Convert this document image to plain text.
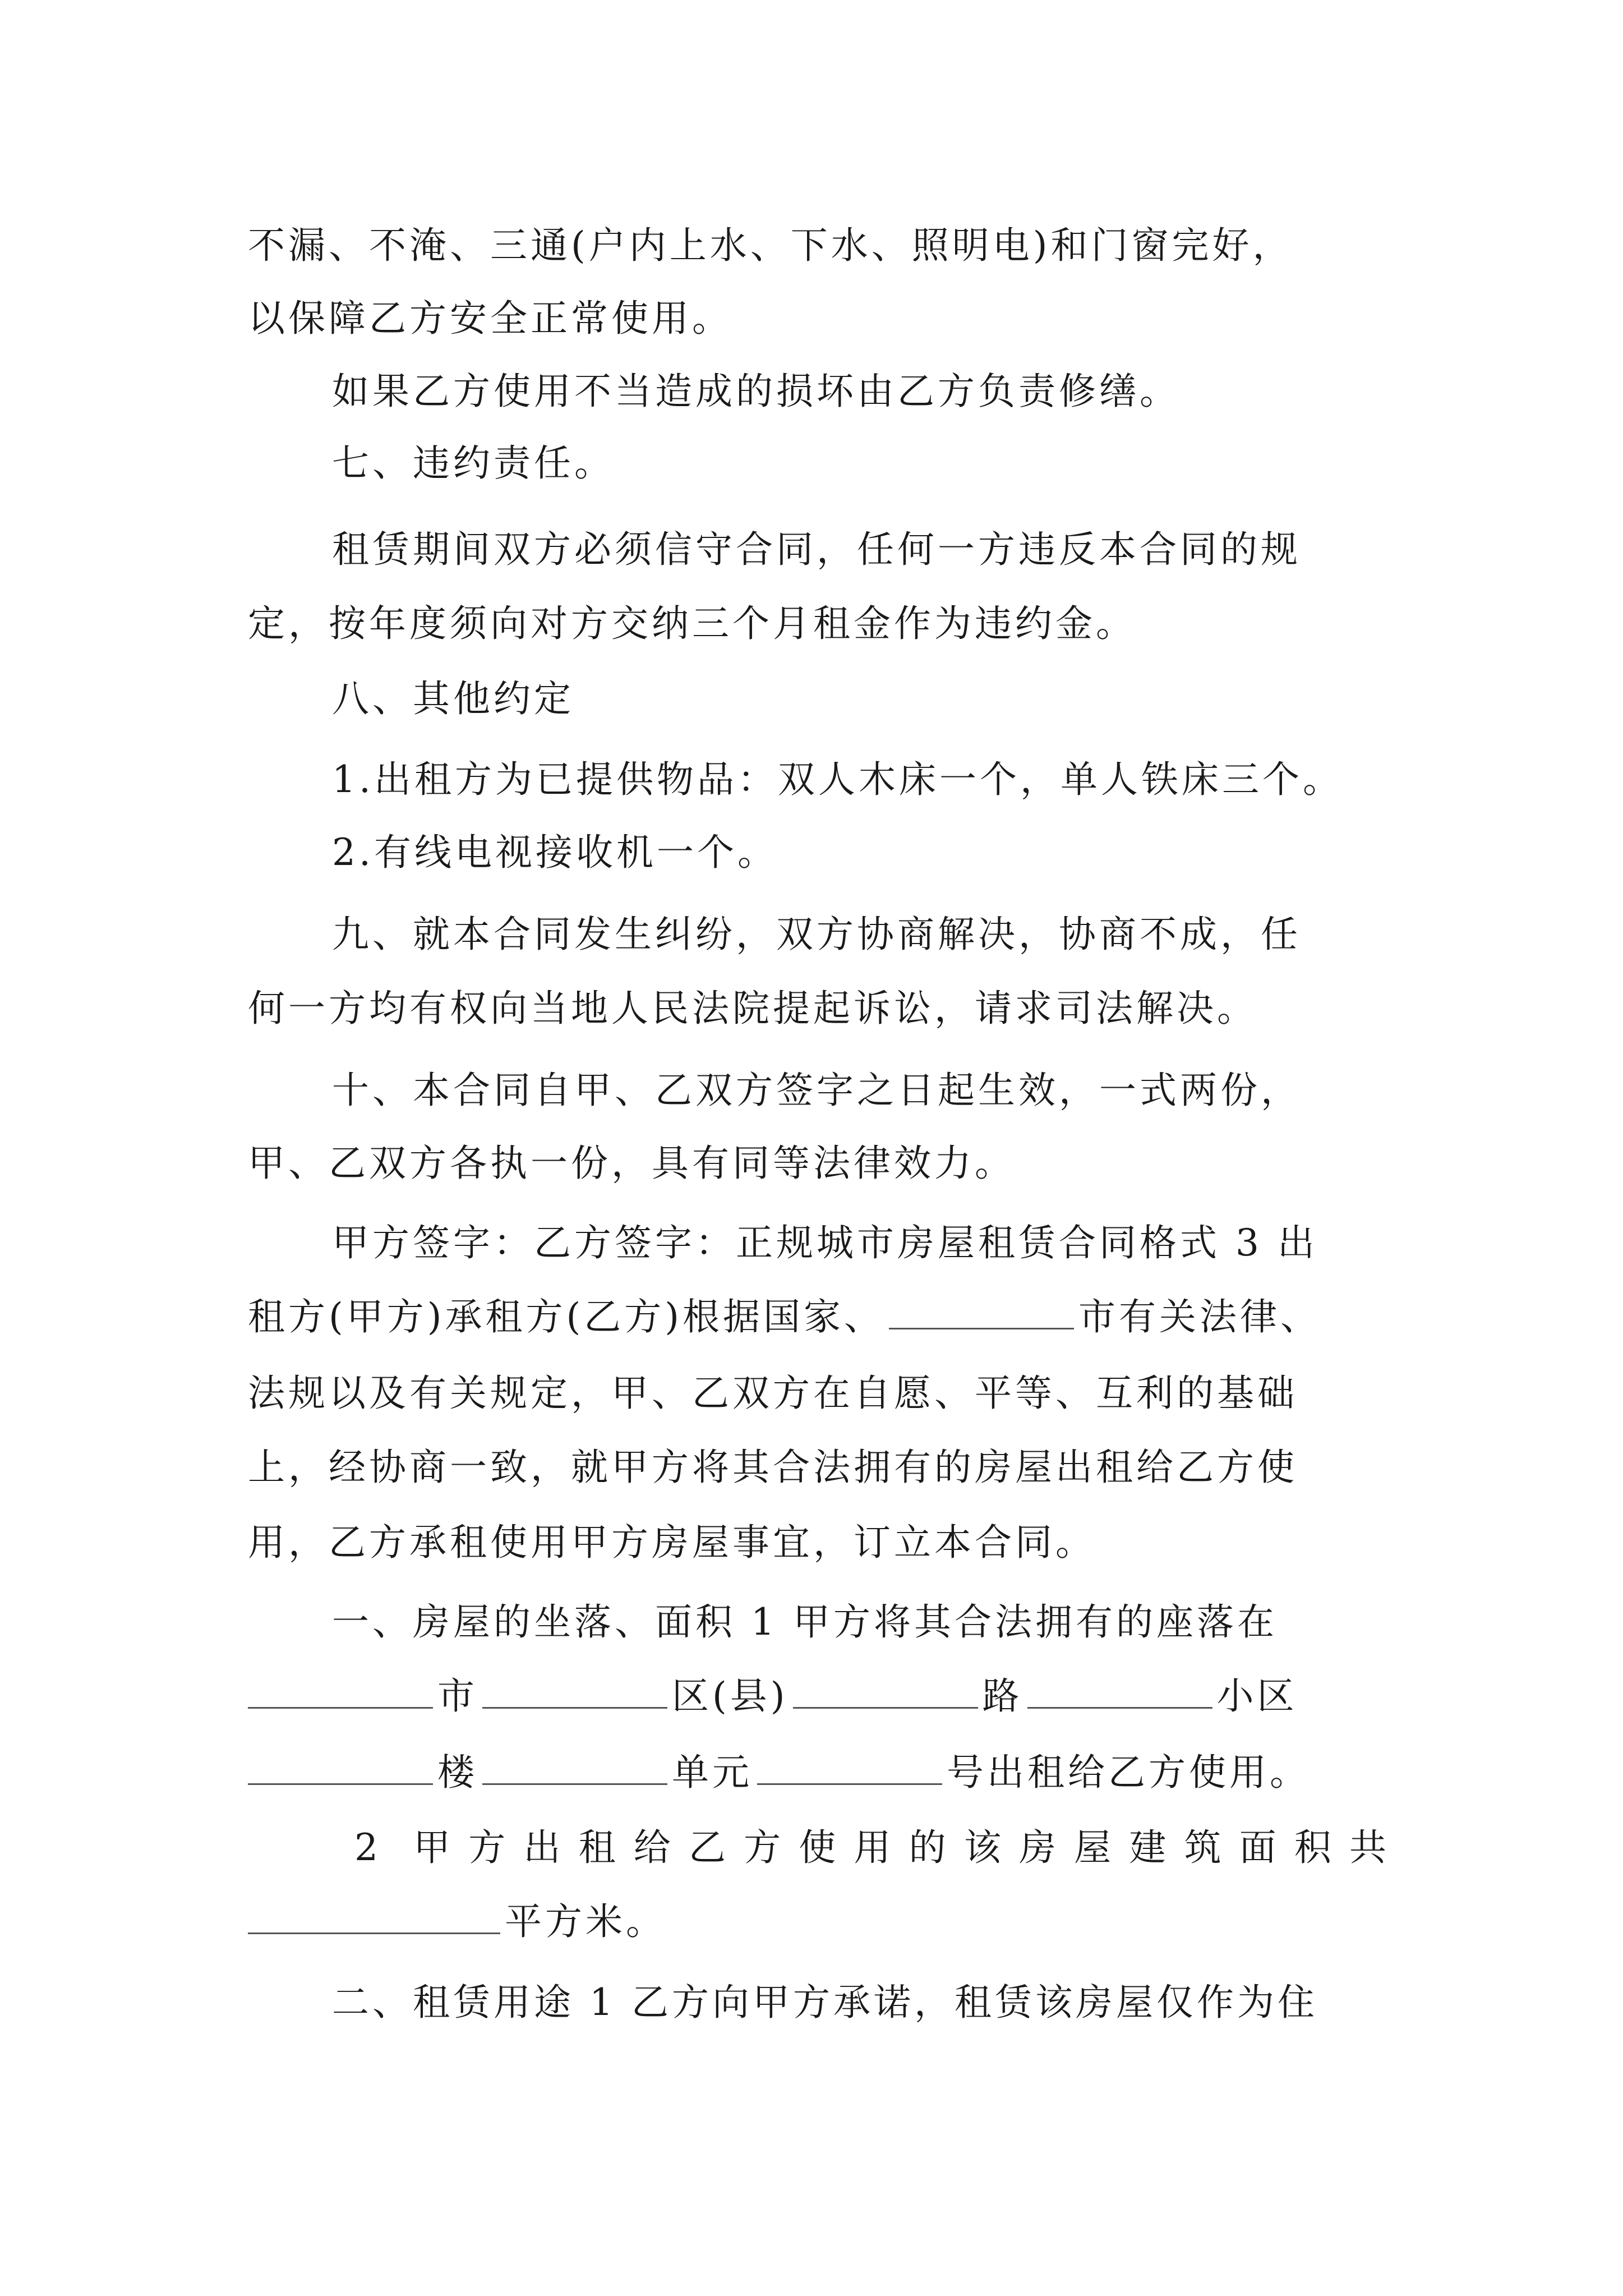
不漏、不淹、三通(户内上水、下水、照明电)和门窗完好，
以保障乙方安全正常使用。
如果乙方使用不当造成的损坏由乙方负责修缮。
七、违约责任。
租赁期间双方必须信守合同，任何一方违反本合同的规
定，按年度须向对方交纳三个月租金作为违约金。
八、其他约定
1.出租方为已提供物品：双人木床一个，单人铁床三个。
2.有线电视接收机一个。
九、就本合同发生纠纷，双方协商解决，协商不成，任
何一方均有权向当地人民法院提起诉讼，请求司法解决。
十、本合同自甲、乙双方签字之日起生效，一式两份，
甲、乙双方各执一份，具有同等法律效力。
甲方签字：乙方签字：正规城市房屋租赁合同格式 3 出
租方(甲方)承租方(乙方)根据国家、	市有关法律、
法规以及有关规定，甲、乙双方在自愿、平等、互利的基础
上，经协商一致，就甲方将其合法拥有的房屋出租给乙方使
用，乙方承租使用甲方房屋事宜，订立本合同。
一、房屋的坐落、面积 1 甲方将其合法拥有的座落在
市	区(县)	路	小区
楼	单元	号出租给乙方使用。
2 甲方出租给乙方使用的该房屋建筑面积共
平方米。
二、租赁用途 1 乙方向甲方承诺，租赁该房屋仅作为住
